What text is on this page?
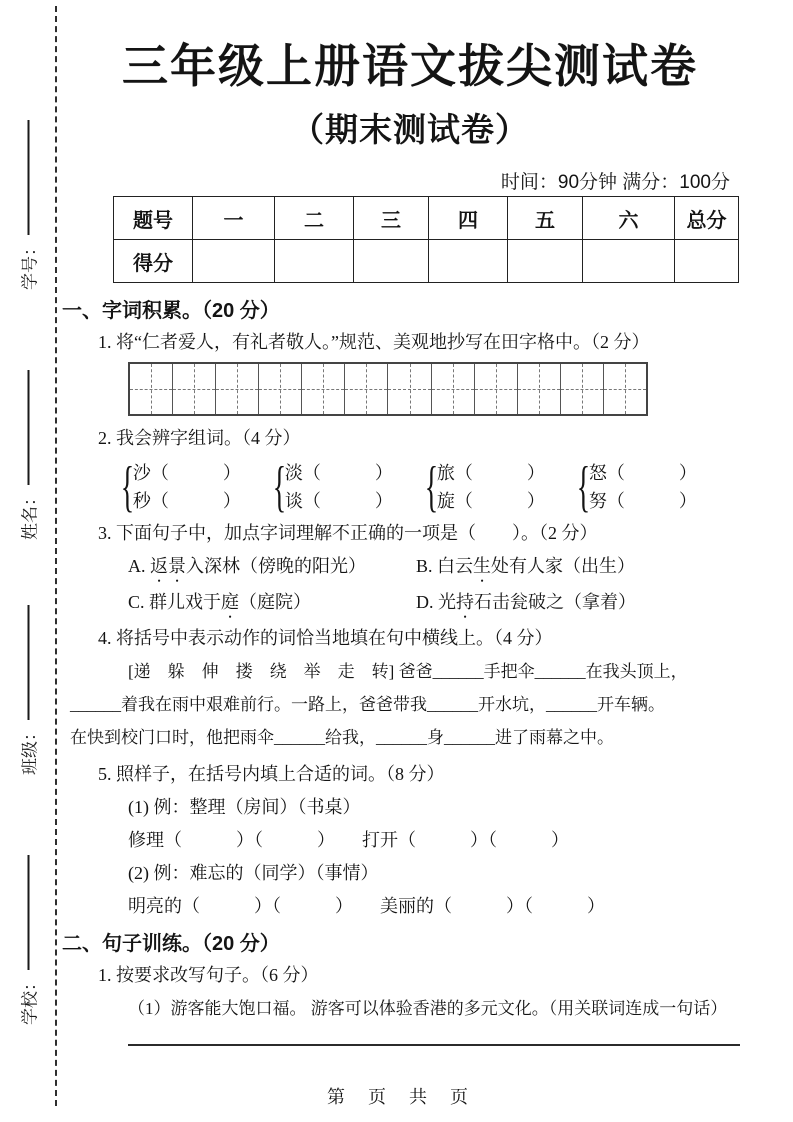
学号：
姓名：
班级：
学校：
三年级上册语文拔尖测试卷
（期末测试卷）
时间：90分钟 满分：100分
题号	一	二	三	四	五	六	总分
得分							
一、字词积累。（20 分）
1. 将“仁者爱人，有礼者敬人。”规范、美观地抄写在田字格中。（2 分）
2. 我会辨字组词。（4 分）
{
沙（　　　）
秒（　　　） {
淡（　　　）
谈（　　　） {
旅（　　　）
旋（　　　） {
怒（　　　）
努（　　　）
3. 下面句子中，加点字词理解不正确的一项是（　　）。（2 分）
A. 返景入深林（傍晚的阳光）	B. 白云生处有人家（出生）
C. 群儿戏于庭（庭院）	D. 光持石击瓮破之（拿着）
4. 将括号中表示动作的词恰当地填在句中横线上。（4 分）
[递　躲　伸　搂　绕　举　走　转] 爸爸______手把伞______在我头顶上，
______着我在雨中艰难前行。一路上，爸爸带我______开水坑，______开车辆。
在快到校门口时，他把雨伞______给我，______身______进了雨幕之中。
5. 照样子，在括号内填上合适的词。（8 分）
(1) 例：整理（房间）（书桌）
修理（　　　）（　　　）　　打开（　　　）（　　　）
(2) 例：难忘的（同学）（事情）
明亮的（　　　）（　　　）　　美丽的（　　　）（　　　）
二、句子训练。（20 分）
1. 按要求改写句子。（6 分）
（1）游客能大饱口福。 游客可以体验香港的多元文化。（用关联词连成一句话）
第 页 共 页
